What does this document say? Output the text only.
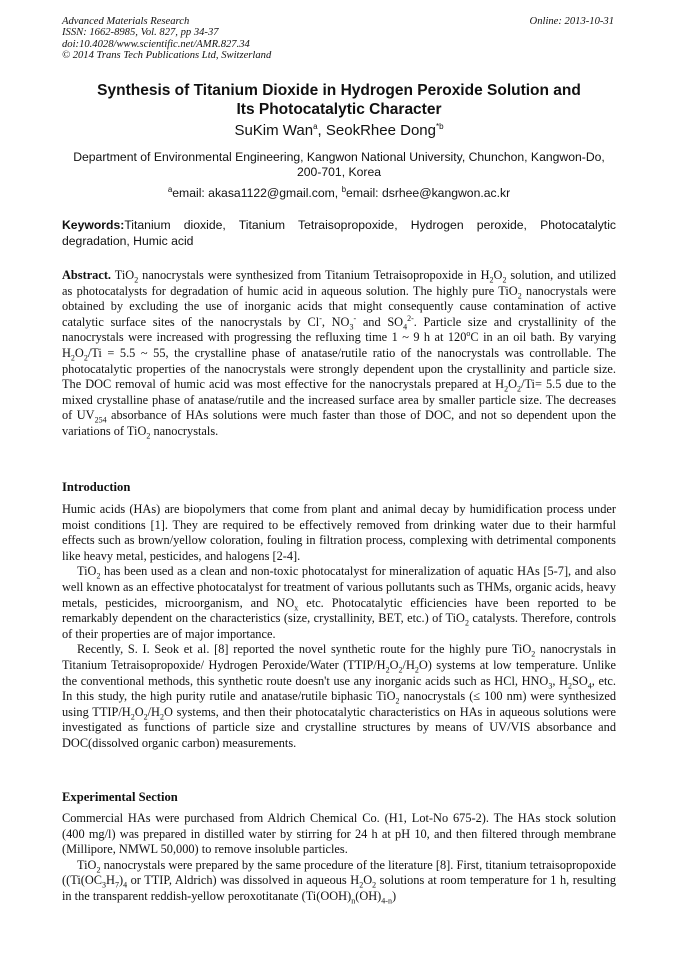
Advanced Materials Research
ISSN: 1662-8985, Vol. 827, pp 34-37
doi:10.4028/www.scientific.net/AMR.827.34
© 2014 Trans Tech Publications Ltd, Switzerland
Online: 2013-10-31
Synthesis of Titanium Dioxide in Hydrogen Peroxide Solution and
Its Photocatalytic Character
SuKim Wan$^a$, SeokRhee Dong$^{*b}$
Department of Environmental Engineering, Kangwon National University, Chunchon, Kangwon-Do, 200-701, Korea
$^a$email: akasa1122@gmail.com, $^b$email: dsrhee@kangwon.ac.kr
Keywords:Titanium dioxide, Titanium Tetraisopropoxide, Hydrogen peroxide, Photocatalytic degradation, Humic acid

Abstract. TiO$_2$ nanocrystals were synthesized from Titanium Tetraisopropoxide in $H_2O_2$ solution, and utilized as photocatalysts for degradation of humic acid in aqueous solution. The highly pure TiO$_2$ nanocrystals were obtained by excluding the use of inorganic acids that might consequently cause contamination of active catalytic surface sites of the nanocrystals by Cl-, $NO_3^-$ and $SO_4^{2-}$. Particle size and crystallinity of the nanocrystals were increased with progressing the refluxing time 1 ~ 9 h at 120$^o$C in an oil bath. By varying $H_2O_2/Ti = 5.5$ ~ 55, the crystalline phase of anatase/rutile ratio of the nanocrystals was controllable. The photocatalytic properties of the nanocrystals were strongly dependent upon the crystallinity and particle size. The DOC removal of humic acid was most effective for the nanocrystals prepared at $H_2O_2/Ti= 5.5$ due to the mixed crystalline phase of anatase/rutile and the increased surface area by smaller particle size. The decreases of $UV_{254}$ absorbance of HAs solutions were much faster than those of DOC, and not so dependent upon the variations of TiO$_2$ nanocrystals.

Introduction

Humic acids (HAs) are biopolymers that come from plant and animal decay by humidification process under moist conditions [1]. They are required to be effectively removed from drinking water due to their harmful effects such as brown/yellow coloration, fouling in filtration process, complexing with detrimental components like heavy metal, pesticides, and halogens [2-4].

TiO$_2$ has been used as a clean and non-toxic photocatalyst for mineralization of aquatic HAs [5-7], and also well known as an effective photocatalyst for treatment of various pollutants such as THMs, organic acids, heavy metals, pesticides, microorganism, and $NO_x$ etc. Photocatalytic efficiencies have been reported to be remarkably dependent on the characteristics (size, crystallinity, BET, etc.) of TiO$_2$ catalysts. Therefore, controls of their properties are of major importance.

Recently, S. I. Seok et al. [8] reported the novel synthetic route for the highly pure TiO$_2$ nanocrystals in Titanium Tetraisopropoxide/ Hydrogen Peroxide/Water $(TTIP/H_2O_2/H_2O)$ systems at low temperature. Unlike the conventional methods, this synthetic route doesn't use any inorganic acids such as HCl, $HNO_3$, $H_2SO_4$, etc. In this study, the high purity rutile and anatase/rutile biphasic TiO$_2$ nanocrystals (≤ 100 nm) were synthesized using TTIP/$H_2O_2/H_2O$ systems, and then their photocatalytic characteristics on HAs in aqueous solutions were investigated as functions of particle size and crystalline structures by means of UV/VIS absorbance and DOC(dissolved organic carbon) measurements.

Experimental Section

Commercial HAs were purchased from Aldrich Chemical Co. (H1, Lot-No 675-2). The HAs stock solution (400 mg/l) was prepared in distilled water by stirring for 24 h at pH 10, and then filtered through membrane (Millipore, NMWL 50,000) to remove insoluble particles.

TiO$_2$ nanocrystals were prepared by the same procedure of the literature [8]. First, titanium tetraisopropoxide (($Ti(OC_3H_7)_4$ or TTIP, Aldrich) was dissolved in aqueous $H_2O_2$ solutions at room temperature for 1 h, resulting in the transparent reddish-yellow peroxotitanate $(Ti(OOH)_n(OH)_{4-n})$
